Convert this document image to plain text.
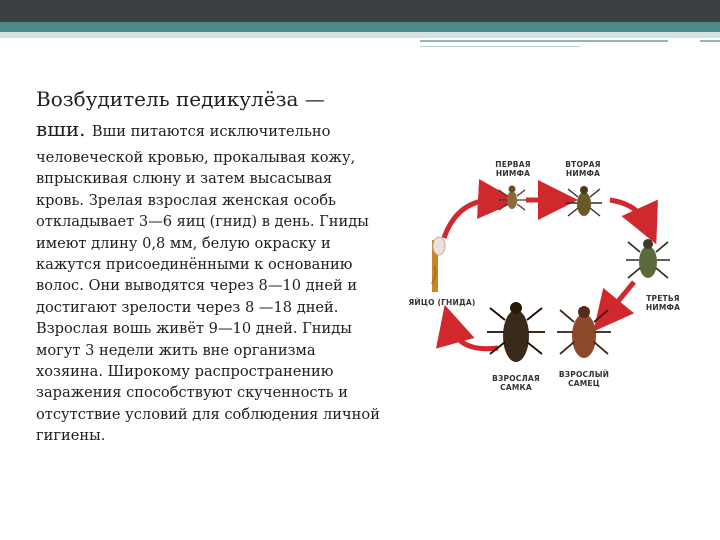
Возбудитель педикулёза —
вши. Вши питаются исключительно

человеческой кровью, прокалывая кожу, впрыскивая слюну и затем высасывая кровь. Зрелая взрослая женская особь откладывает 3—6 яиц (гнид) в день. Гниды имеют длину 0,8 мм, белую окраску и кажутся присоединёнными к основанию волос. Они выводятся через 8—10 дней и достигают зрелости через 8 —18 дней. Взрослая вошь живёт 9—10 дней. Гниды могут 3 недели жить вне организма хозяина. Широкому распространению заражения способствуют скученность и отсутствие условий для соблюдения личной гигиены.
ПЕРВАЯ
НИМФА
ВТОРАЯ
НИМФА
ТРЕТЬЯ
НИМФА
ЯЙЦО (ГНИДА)
ВЗРОСЛАЯ
САМКА
ВЗРОСЛЫЙ
САМЕЦ
